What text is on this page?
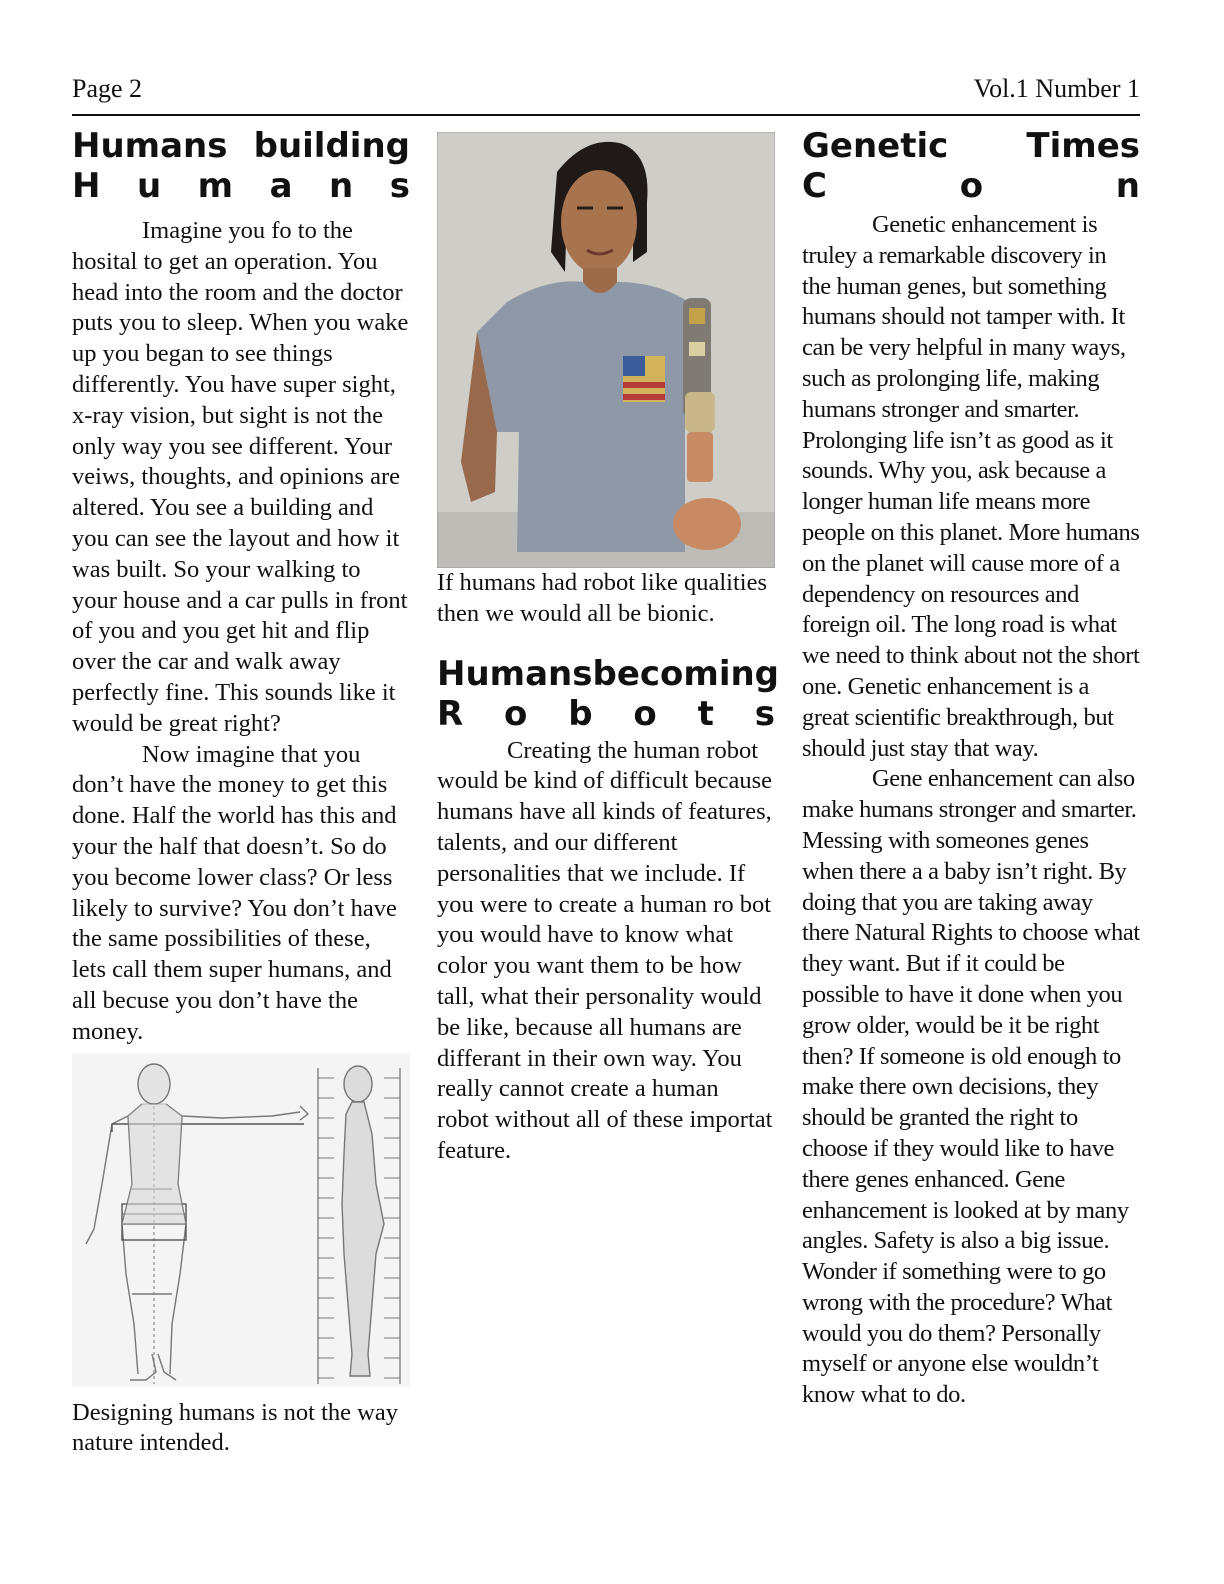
Page 2	Vol.1 Number 1
Humans building
H u m a n s

Imagine you fo to the hosital to get an operation. You head into the room and the doctor puts you to sleep. When you wake up you began to see things differently. You have super sight, x-ray vision, but sight is not the only way you see different. Your veiws, thoughts, and opinions are altered. You see a building and you can see the layout and how it was built. So your walking to your house and a car pulls in front of you and you get hit and flip over the car and walk away perfectly fine. This sounds like it would be great right?

Now imagine that you don’t have the money to get this done. Half the world has this and your the half that doesn’t. So do you become lower class? Or less likely to survive? You don’t have the same possibilities of these, lets call them super humans, and all becuse you don’t have the money.

Designing humans is not the way nature intended.
If humans had robot like qualities then we would all be bionic.
Humans becoming
R o b o t s

Creating the human robot would be kind of difficult because humans have all kinds of features, talents, and our different personalities that we include. If you were to create a human ro bot you would have to know what color you want them to be how tall, what their personality would be like, because all humans are differant in their own way. You really cannot create a human robot without all of these importat feature.

Genetic Times
C	o	n

Genetic enhancement is truley a remarkable discovery in the human genes, but something humans should not tamper with. It can be very helpful in many ways, such as prolonging life, making humans stronger and smarter. Prolonging life isn’t as good as it sounds. Why you, ask because a longer human life means more people on this planet. More humans on the planet will cause more of a dependency on resources and foreign oil. The long road is what we need to think about not the short one. Genetic enhancement is a great scientific breakthrough, but should just stay that way.

Gene enhancement can also make humans stronger and smarter. Messing with someones genes when there a a baby isn’t right. By doing that you are taking away there Natural Rights to choose what they want. But if it could be possible to have it done when you grow older, would be it be right then? If someone is old enough to make there own decisions, they should be granted the right to choose if they would like to have there genes enhanced. Gene enhancement is looked at by many angles. Safety is also a big issue. Wonder if something were to go wrong with the procedure? What would you do them? Personally myself or anyone else wouldn’t know what to do.
